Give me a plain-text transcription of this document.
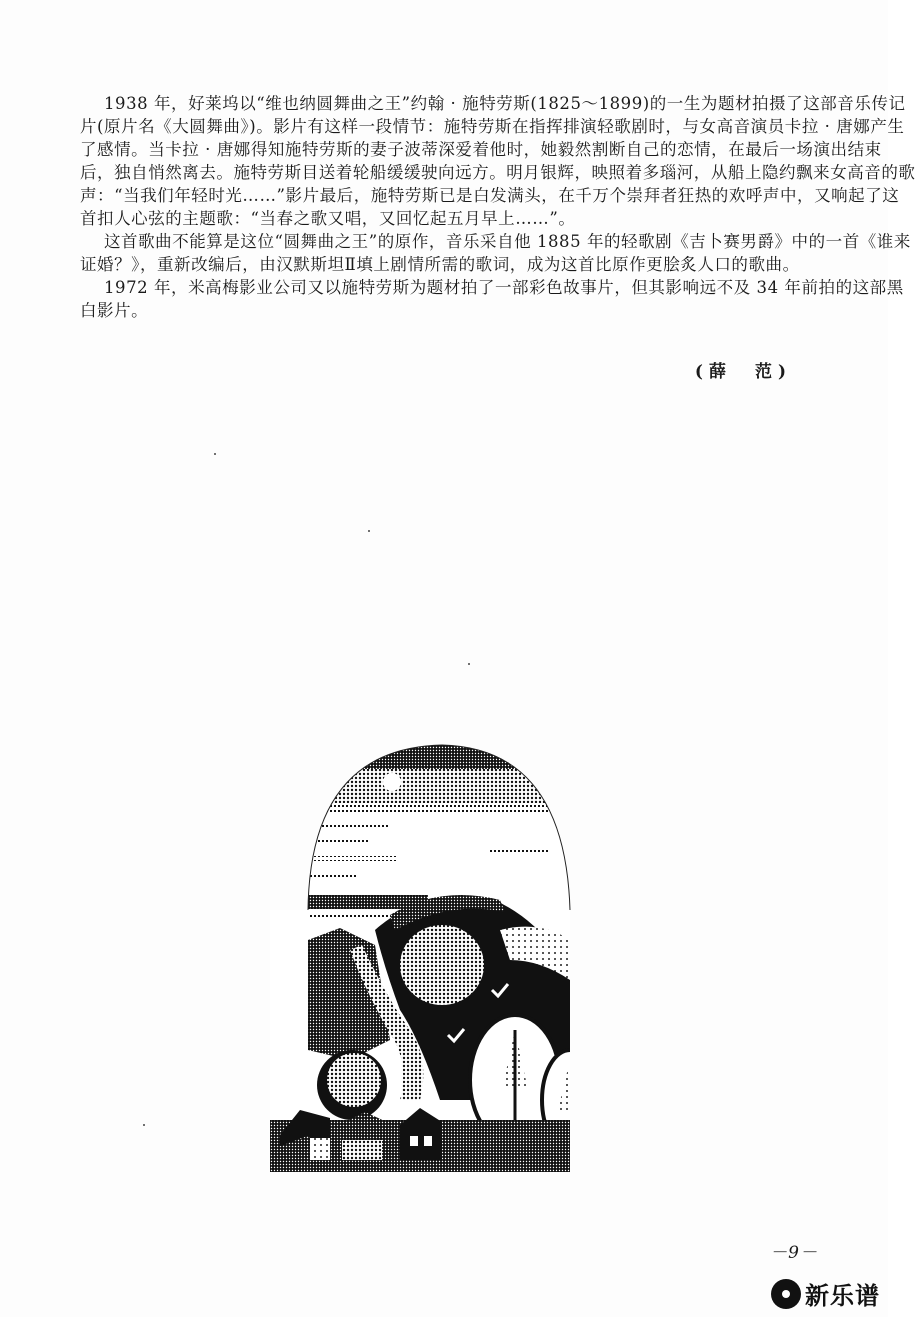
1938 年，好莱坞以“维也纳圆舞曲之王”约翰 · 施特劳斯(1825～1899)的一生为题材拍摄了这部音乐传记
片(原片名《大圆舞曲》)。影片有这样一段情节：施特劳斯在指挥排演轻歌剧时，与女高音演员卡拉 · 唐娜产生
了感情。当卡拉 · 唐娜得知施特劳斯的妻子波蒂深爱着他时，她毅然割断自己的恋情，在最后一场演出结束
后，独自悄然离去。施特劳斯目送着轮船缓缓驶向远方。明月银辉，映照着多瑙河，从船上隐约飘来女高音的歌
声：“当我们年轻时光……”影片最后，施特劳斯已是白发满头，在千万个崇拜者狂热的欢呼声中，又响起了这
首扣人心弦的主题歌：“当春之歌又唱，又回忆起五月早上……”。
这首歌曲不能算是这位“圆舞曲之王”的原作，音乐采自他 1885 年的轻歌剧《吉卜赛男爵》中的一首《谁来
证婚？》，重新改编后，由汉默斯坦Ⅱ填上剧情所需的歌词，成为这首比原作更脍炙人口的歌曲。
1972 年，米高梅影业公司又以施特劳斯为题材拍了一部彩色故事片，但其影响远不及 34 年前拍的这部黑
白影片。
(薛　范)
－9－
新乐谱
